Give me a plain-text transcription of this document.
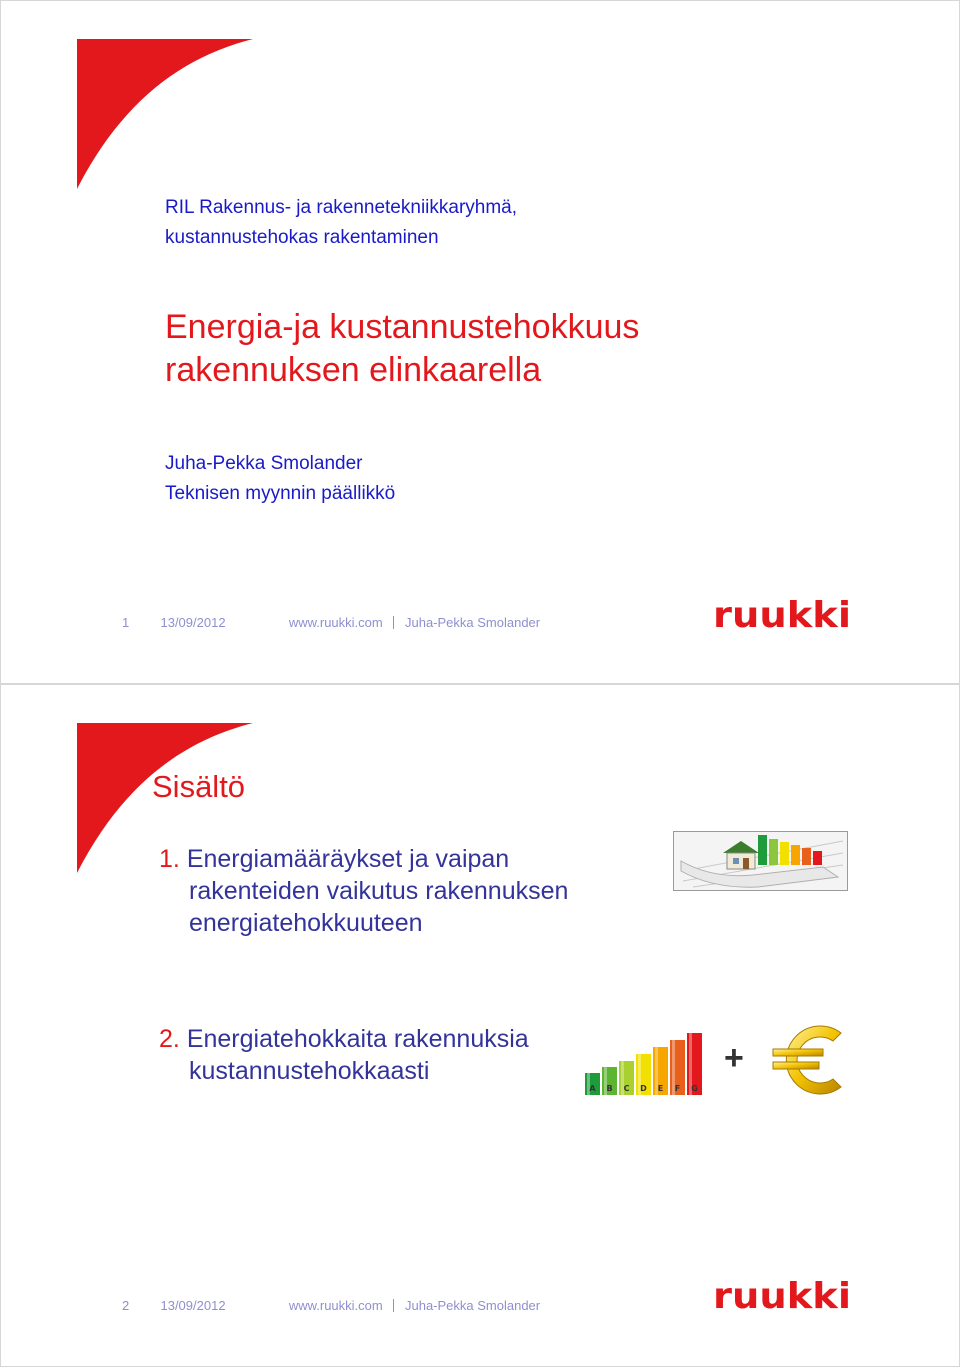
RIL Rakennus- ja rakennetekniikkaryhmä,
kustannustehokas rakentaminen
Energia-ja kustannustehokkuus
rakennuksen elinkaarella
Juha-Pekka Smolander
Teknisen myynnin päällikkö
1 13/09/2012	www.ruukki.com Juha-Pekka Smolander	ruukki
Sisältö
1. Energiamääräykset ja vaipan
rakenteiden vaikutus rakennuksen
energiatehokkuuteen
2. Energiatehokkaita rakennuksia
kustannustehokkaasti
A B C D E F G
+
2 13/09/2012	www.ruukki.com Juha-Pekka Smolander	ruukki
